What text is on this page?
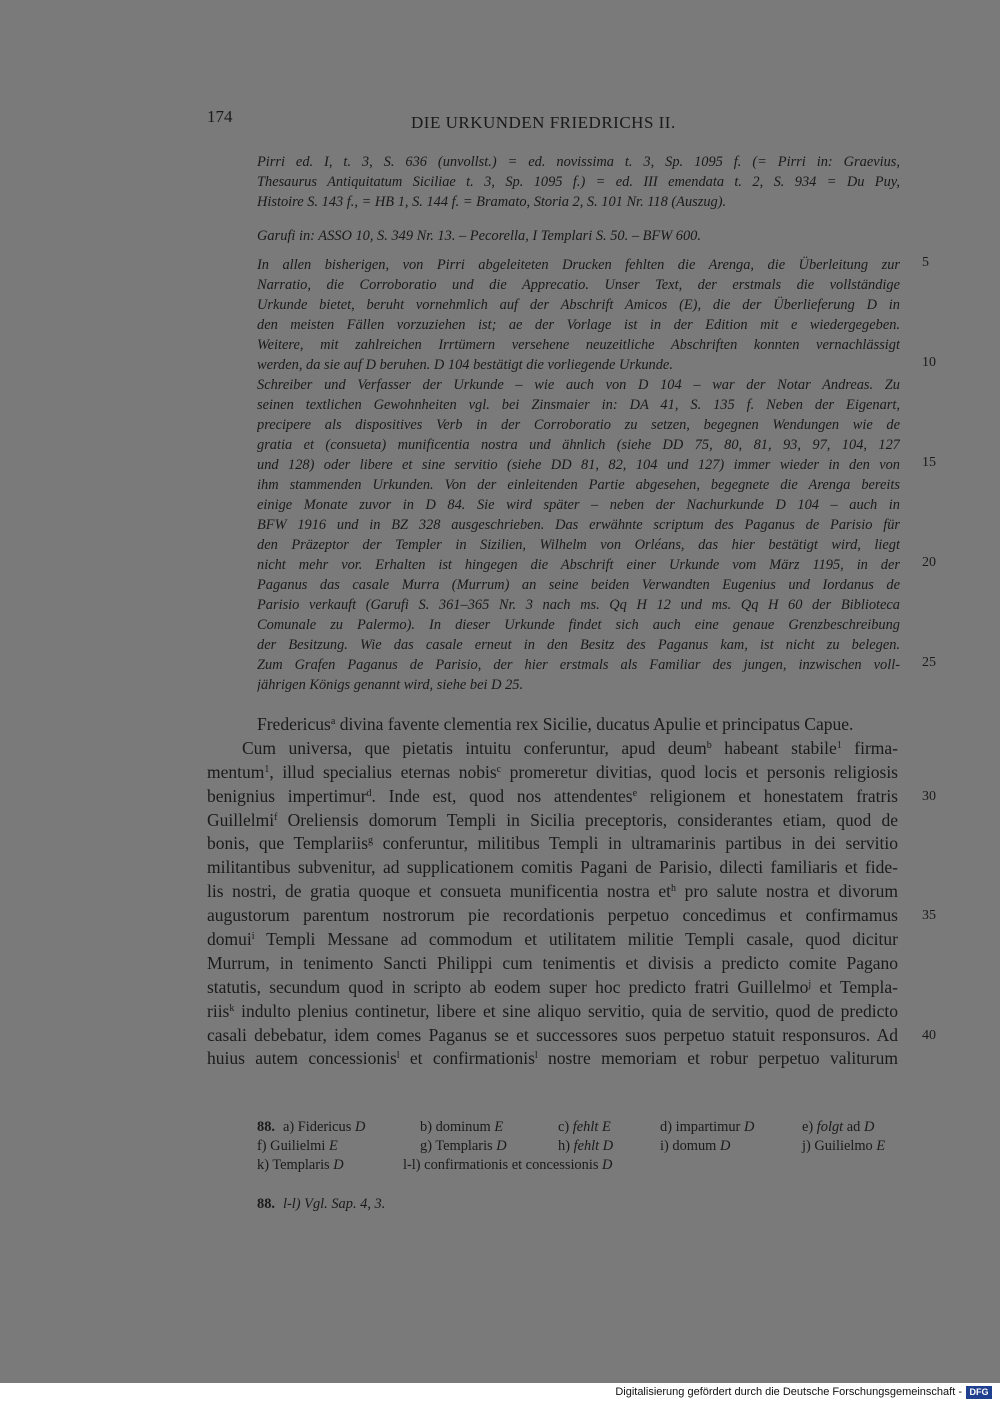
174	DIE URKUNDEN FRIEDRICHS II.
Pirri ed. I, t. 3, S. 636 (unvollst.) = ed. novissima t. 3, Sp. 1095 f. (= Pirri in: Graevius,
Thesaurus Antiquitatum Siciliae t. 3, Sp. 1095 f.) = ed. III emendata t. 2, S. 934 = Du Puy,
Histoire S. 143 f., = HB 1, S. 144 f. = Bramato, Storia 2, S. 101 Nr. 118 (Auszug).
Garufi in: ASSO 10, S. 349 Nr. 13. – Pecorella, I Templari S. 50. – BFW 600.
In allen bisherigen, von Pirri abgeleiteten Drucken fehlten die Arenga, die Überleitung zur
Narratio, die Corroboratio und die Apprecatio. Unser Text, der erstmals die vollständige
Urkunde bietet, beruht vornehmlich auf der Abschrift Amicos (E), die der Überlieferung D in
den meisten Fällen vorzuziehen ist; ae der Vorlage ist in der Edition mit e wiedergegeben.
Weitere, mit zahlreichen Irrtümern versehene neuzeitliche Abschriften konnten vernachlässigt
werden, da sie auf D beruhen. D 104 bestätigt die vorliegende Urkunde.
Schreiber und Verfasser der Urkunde – wie auch von D 104 – war der Notar Andreas. Zu
seinen textlichen Gewohnheiten vgl. bei Zinsmaier in: DA 41, S. 135 f. Neben der Eigenart,
precipere als dispositives Verb in der Corroboratio zu setzen, begegnen Wendungen wie de
gratia et (consueta) munificentia nostra und ähnlich (siehe DD 75, 80, 81, 93, 97, 104, 127
und 128) oder libere et sine servitio (siehe DD 81, 82, 104 und 127) immer wieder in den von
ihm stammenden Urkunden. Von der einleitenden Partie abgesehen, begegnete die Arenga bereits
einige Monate zuvor in D 84. Sie wird später – neben der Nachurkunde D 104 – auch in
BFW 1916 und in BZ 328 ausgeschrieben. Das erwähnte scriptum des Paganus de Parisio für
den Präzeptor der Templer in Sizilien, Wilhelm von Orléans, das hier bestätigt wird, liegt
nicht mehr vor. Erhalten ist hingegen die Abschrift einer Urkunde vom März 1195, in der
Paganus das casale Murra (Murrum) an seine beiden Verwandten Eugenius und Iordanus de
Parisio verkauft (Garufi S. 361–365 Nr. 3 nach ms. Qq H 12 und ms. Qq H 60 der Biblioteca
Comunale zu Palermo). In dieser Urkunde findet sich auch eine genaue Grenzbeschreibung
der Besitzung. Wie das casale erneut in den Besitz des Paganus kam, ist nicht zu belegen.
Zum Grafen Paganus de Parisio, der hier erstmals als Familiar des jungen, inzwischen voll-
jährigen Königs genannt wird, siehe bei D 25.
Fredericus$^a$ divina favente clementia rex Sicilie, ducatus Apulie et principatus Capue.
Cum universa, que pietatis intuitu conferuntur, apud deum$^b$ habeant stabile$^1$ firma-
mentum$^1$, illud specialius eternas nobis$^c$ promeretur divitias, quod locis et personis religiosis
benignius impertimur$^d$. Inde est, quod nos attendentes$^e$ religionem et honestatem fratris
Guillelmi$^f$ Oreliensis domorum Templi in Sicilia preceptoris, considerantes etiam, quod de
bonis, que Templariis$^g$ conferuntur, militibus Templi in ultramarinis partibus in dei servitio
militantibus subvenitur, ad supplicationem comitis Pagani de Parisio, dilecti familiaris et fide-
lis nostri, de gratia quoque et consueta munificentia nostra $et^h$ pro salute nostra et divorum
augustorum parentum nostrorum pie recordationis perpetuo concedimus et confirmamus
domui$^i$ Templi Messane ad commodum et utilitatem militie Templi casale, quod dicitur
Murrum, in tenimento Sancti Philippi cum tenimentis et divisis a predicto comite Pagano
statutis, secundum quod in scripto ab eodem super hoc predicto fratri Guillelmo$^j$ et Templa-
riis$^k$ indulto plenius continetur, libere et sine aliquo servitio, quia de servitio, quod de predicto
casali debebatur, idem comes Paganus se et successores suos perpetuo statuit responsuros. Ad
huius autem concessionis$^l$ et confirmationis$^l$ nostre memoriam et robur perpetuo valiturum
88. a) Fidericus D	b) dominum E	c) fehlt E	d) impartimur D	e) folgt ad D
f) Guilielmi E	g) Templaris D	h) fehlt D	i) domum D	j) Guilielmo E
k) Templaris D	l-l) confirmationis et concessionis D
88. l-l) Vgl. Sap. 4, 3.
Digitalisierung gefördert durch die Deutsche Forschungsgemeinschaft - DFG
5
10
15
20
25
30
35
40
